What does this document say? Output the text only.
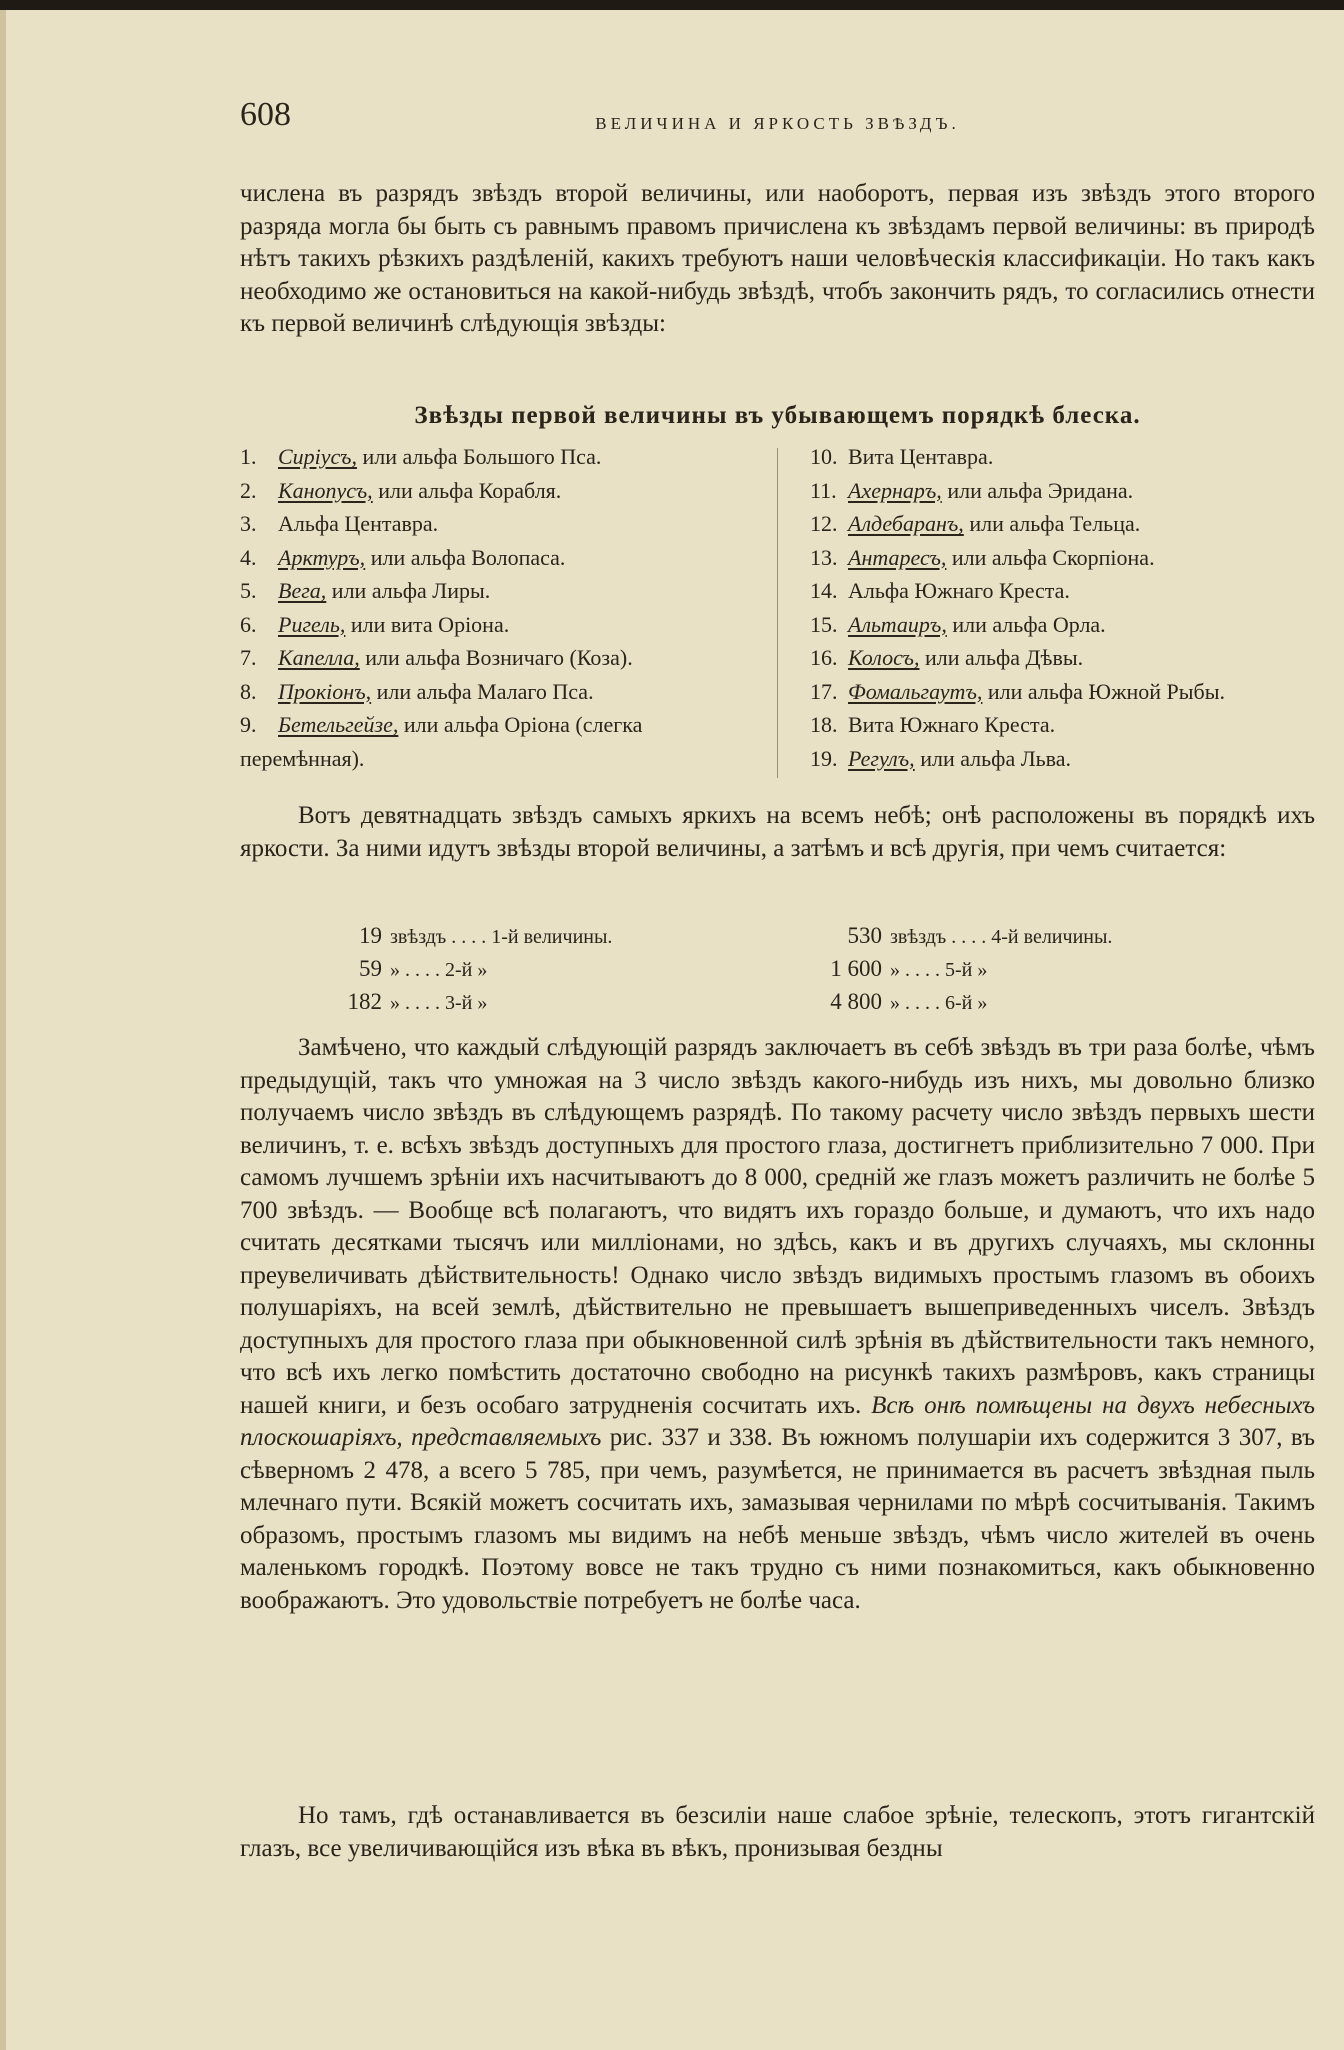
608	ВЕЛИЧИНА И ЯРКОСТЬ ЗВѢЗДЪ.

числена въ разрядъ звѣздъ второй величины, или наоборотъ, первая изъ звѣздъ этого второго разряда могла бы быть съ равнымъ правомъ причислена къ звѣздамъ первой величины: въ природѣ нѣтъ такихъ рѣзкихъ раздѣленій, какихъ требуютъ наши человѣческія классификаціи. Но такъ какъ необходимо же остановиться на какой-нибудь звѣздѣ, чтобъ закончить рядъ, то согласились отнести къ первой величинѣ слѣдующія звѣзды:

Звѣзды первой величины въ убывающемъ порядкѣ блеска.
1. Сиріусъ, или альфа Большого Пса.
2. Канопусъ, или альфа Корабля.
3. Альфа Центавра.
4. Арктуръ, или альфа Волопаса.
5. Вега, или альфа Лиры.
6. Ригель, или вита Оріона.
7. Капелла, или альфа Возничаго (Коза).
8. Прокіонъ, или альфа Малаго Пса.
9. Бетельгейзе, или альфа Оріона (слегка перемѣнная).
10. Вита Центавра.
11. Ахернаръ, или альфа Эридана.
12. Алдебаранъ, или альфа Тельца.
13. Антаресъ, или альфа Скорпіона.
14. Альфа Южнаго Креста.
15. Альтаиръ, или альфа Орла.
16. Колосъ, или альфа Дѣвы.
17. Фомальгаутъ, или альфа Южной Рыбы.
18. Вита Южнаго Креста.
19. Регулъ, или альфа Льва.

Вотъ девятнадцать звѣздъ самыхъ яркихъ на всемъ небѣ; онѣ расположены въ порядкѣ ихъ яркости. За ними идутъ звѣзды второй величины, а затѣмъ и всѣ другія, при чемъ считается:

19 звѣздъ . . . . 1-й величины.
59 » . . . . 2-й »
182 » . . . . 3-й »
530 звѣздъ . . . . 4-й величины.
1 600 » . . . . 5-й »
4 800 » . . . . 6-й »

Замѣчено, что каждый слѣдующій разрядъ заключаетъ въ себѣ звѣздъ въ три раза болѣе, чѣмъ предыдущій, такъ что умножая на 3 число звѣздъ какого-нибудь изъ нихъ, мы довольно близко получаемъ число звѣздъ въ слѣдующемъ разрядѣ. По такому расчету число звѣздъ первыхъ шести величинъ, т. е. всѣхъ звѣздъ доступныхъ для простого глаза, достигнетъ приблизительно 7 000. При самомъ лучшемъ зрѣніи ихъ насчитываютъ до 8 000, средній же глазъ можетъ различить не болѣе 5 700 звѣздъ. — Вообще всѣ полагаютъ, что видятъ ихъ гораздо больше, и думаютъ, что ихъ надо считать десятками тысячъ или милліонами, но здѣсь, какъ и въ другихъ случаяхъ, мы склонны преувеличивать дѣйствительность! Однако число звѣздъ видимыхъ простымъ глазомъ въ обоихъ полушаріяхъ, на всей землѣ, дѣйствительно не превышаетъ вышеприведенныхъ чиселъ. Звѣздъ доступныхъ для простого глаза при обыкновенной силѣ зрѣнія въ дѣйствительности такъ немного, что всѣ ихъ легко помѣстить достаточно свободно на рисункѣ такихъ размѣровъ, какъ страницы нашей книги, и безъ особаго затрудненія сосчитать ихъ. Всѣ онѣ помѣщены на двухъ небесныхъ плоскошаріяхъ, представляемыхъ рис. 337 и 338. Въ южномъ полушаріи ихъ содержится 3 307, въ сѣверномъ 2 478, а всего 5 785, при чемъ, разумѣется, не принимается въ расчетъ звѣздная пыль млечнаго пути. Всякій можетъ сосчитать ихъ, замазывая чернилами по мѣрѣ сосчитыванія. Такимъ образомъ, простымъ глазомъ мы видимъ на небѣ меньше звѣздъ, чѣмъ число жителей въ очень маленькомъ городкѣ. Поэтому вовсе не такъ трудно съ ними познакомиться, какъ обыкновенно воображаютъ. Это удовольствіе потребуетъ не болѣе часа.

Но тамъ, гдѣ останавливается въ безсиліи наше слабое зрѣніе, телескопъ, этотъ гигантскій глазъ, все увеличивающійся изъ вѣка въ вѣкъ, пронизывая бездны
